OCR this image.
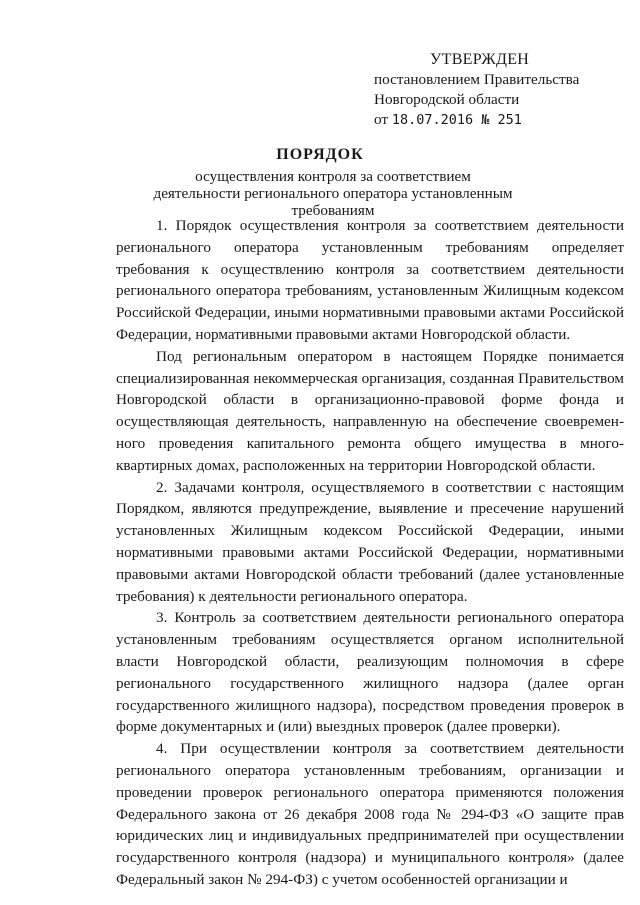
УТВЕРЖДЕН
постановлением Правительства
Новгородской области
от 18.07.2016 № 251
ПОРЯДОК
осуществления контроля за соответствием деятельности регионального оператора установленным требованиям

1. Порядок осуществления контроля за соответствием деятельности регионального оператора установленным требованиям определяет требования к осуществлению контроля за соответствием деятельности регионального оператора требованиям, установленным Жилищным кодексом Российской Федерации, иными нормативными правовыми актами Российской Федерации, нормативными правовыми актами Новгородской области.

Под региональным оператором в настоящем Порядке понимается специализированная некоммерческая организация, созданная Правительством Новгородской области в организационно-правовой форме фонда и осуществляющая деятельность, направленную на обеспечение своевременного проведения капитального ремонта общего имущества в многоквартирных домах, расположенных на территории Новгородской области.

2. Задачами контроля, осуществляемого в соответствии с настоящим Порядком, являются предупреждение, выявление и пресечение нарушений установленных Жилищным кодексом Российской Федерации, иными нормативными правовыми актами Российской Федерации, нормативными правовыми актами Новгородской области требований (далее установленные требования) к деятельности регионального оператора.

3. Контроль за соответствием деятельности регионального оператора установленным требованиям осуществляется органом исполнительной власти Новгородской области, реализующим полномочия в сфере регионального государственного жилищного надзора (далее орган государственного жилищного надзора), посредством проведения проверок в форме документарных и (или) выездных проверок (далее проверки).

4. При осуществлении контроля за соответствием деятельности регионального оператора установленным требованиям, организации и проведении проверок регионального оператора применяются положения Федерального закона от 26 декабря 2008 года № 294-ФЗ «О защите прав юридических лиц и индивидуальных предпринимателей при осуществлении государственного контроля (надзора) и муниципального контроля» (далее Федеральный закон № 294-ФЗ) с учетом особенностей организации и
